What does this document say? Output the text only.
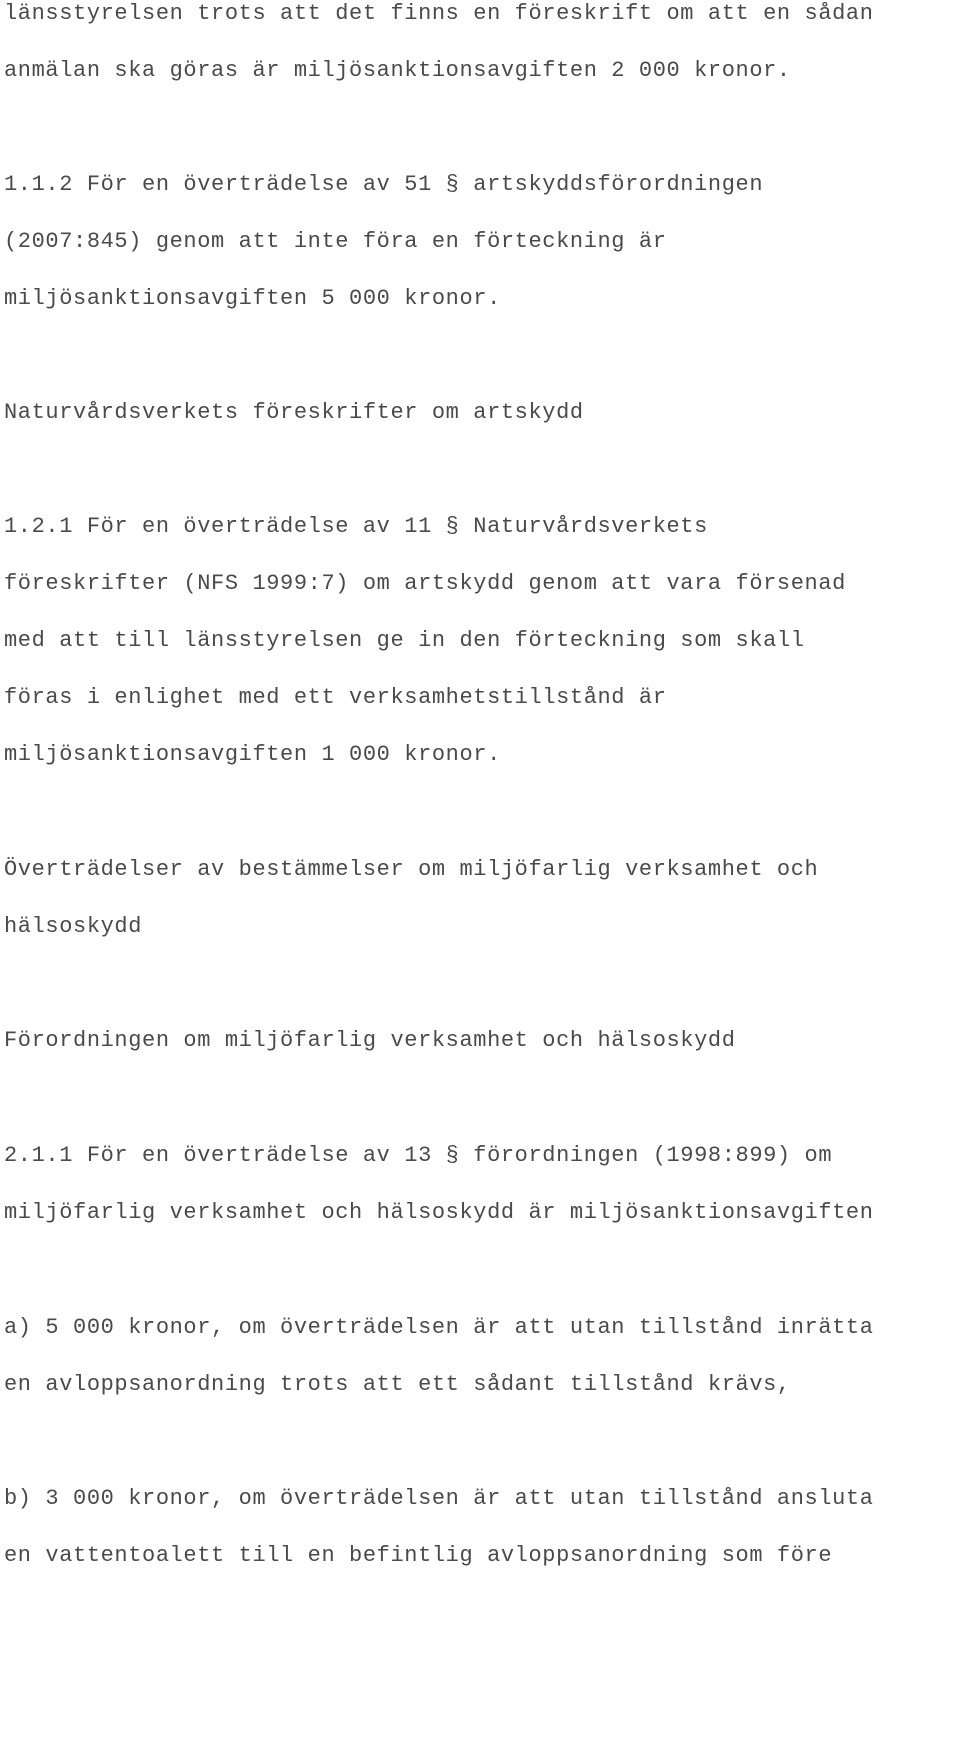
länsstyrelsen trots att det finns en föreskrift om att en sådan

anmälan ska göras är miljösanktionsavgiften 2 000 kronor.

1.1.2 För en överträdelse av 51 § artskyddsförordningen

(2007:845) genom att inte föra en förteckning är

miljösanktionsavgiften 5 000 kronor.

Naturvårdsverkets föreskrifter om artskydd

1.2.1 För en överträdelse av 11 § Naturvårdsverkets

föreskrifter (NFS 1999:7) om artskydd genom att vara försenad

med att till länsstyrelsen ge in den förteckning som skall

föras i enlighet med ett verksamhetstillstånd är

miljösanktionsavgiften 1 000 kronor.

Överträdelser av bestämmelser om miljöfarlig verksamhet och

hälsoskydd

Förordningen om miljöfarlig verksamhet och hälsoskydd

2.1.1 För en överträdelse av 13 § förordningen (1998:899) om

miljöfarlig verksamhet och hälsoskydd är miljösanktionsavgiften

a) 5 000 kronor, om överträdelsen är att utan tillstånd inrätta

en avloppsanordning trots att ett sådant tillstånd krävs,

b) 3 000 kronor, om överträdelsen är att utan tillstånd ansluta

en vattentoalett till en befintlig avloppsanordning som före
